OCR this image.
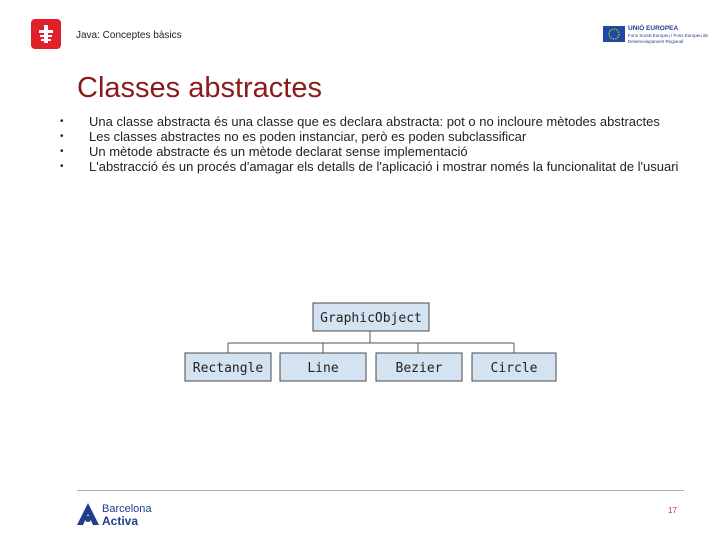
Java: Conceptes bàsics
UNIÓ EUROPEA
Fons Social Europeu / Fons Europeu de Desenvolupament Regional
Classes abstractes
• Una classe abstracta és una classe que es declara abstracta: pot o no incloure mètodes abstractes
• Les classes abstractes no es poden instanciar, però es poden subclassificar
• Un mètode abstracte és un mètode declarat sense implementació
• L'abstracció és un procés d'amagar els detalls de l'aplicació i mostrar només la funcionalitat de l'usuari
GraphicObject
Rectangle	Line	Bezier	Circle
Barcelona
Activa
17
